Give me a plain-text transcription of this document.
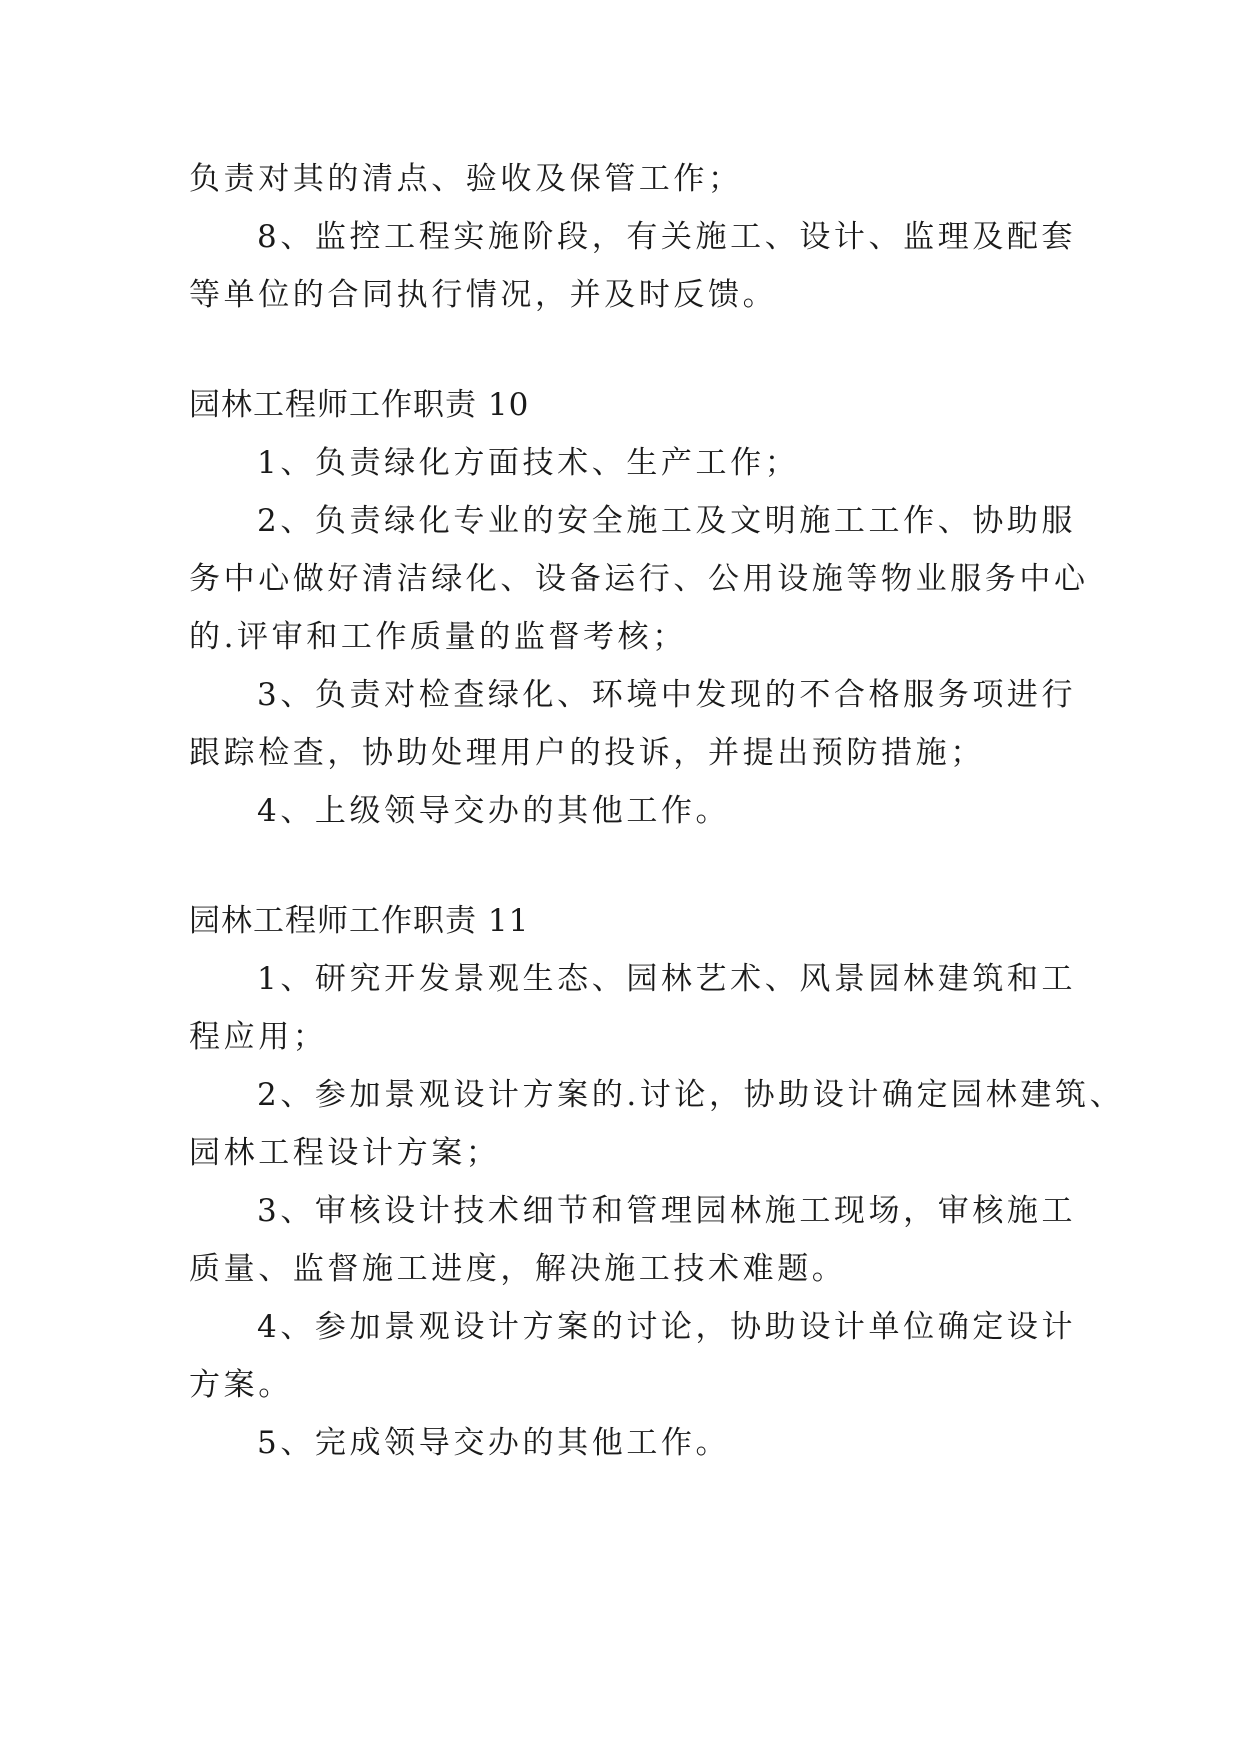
负责对其的清点、验收及保管工作；
8、监控工程实施阶段，有关施工、设计、监理及配套
等单位的合同执行情况，并及时反馈。
园林工程师工作职责 10
1、负责绿化方面技术、生产工作；
2、负责绿化专业的安全施工及文明施工工作、协助服
务中心做好清洁绿化、设备运行、公用设施等物业服务中心
的.评审和工作质量的监督考核；
3、负责对检查绿化、环境中发现的不合格服务项进行
跟踪检查，协助处理用户的投诉，并提出预防措施；
4、上级领导交办的其他工作。
园林工程师工作职责 11
1、研究开发景观生态、园林艺术、风景园林建筑和工
程应用；
2、参加景观设计方案的.讨论，协助设计确定园林建筑、
园林工程设计方案；
3、审核设计技术细节和管理园林施工现场，审核施工
质量、监督施工进度，解决施工技术难题。
4、参加景观设计方案的讨论，协助设计单位确定设计
方案。
5、完成领导交办的其他工作。
